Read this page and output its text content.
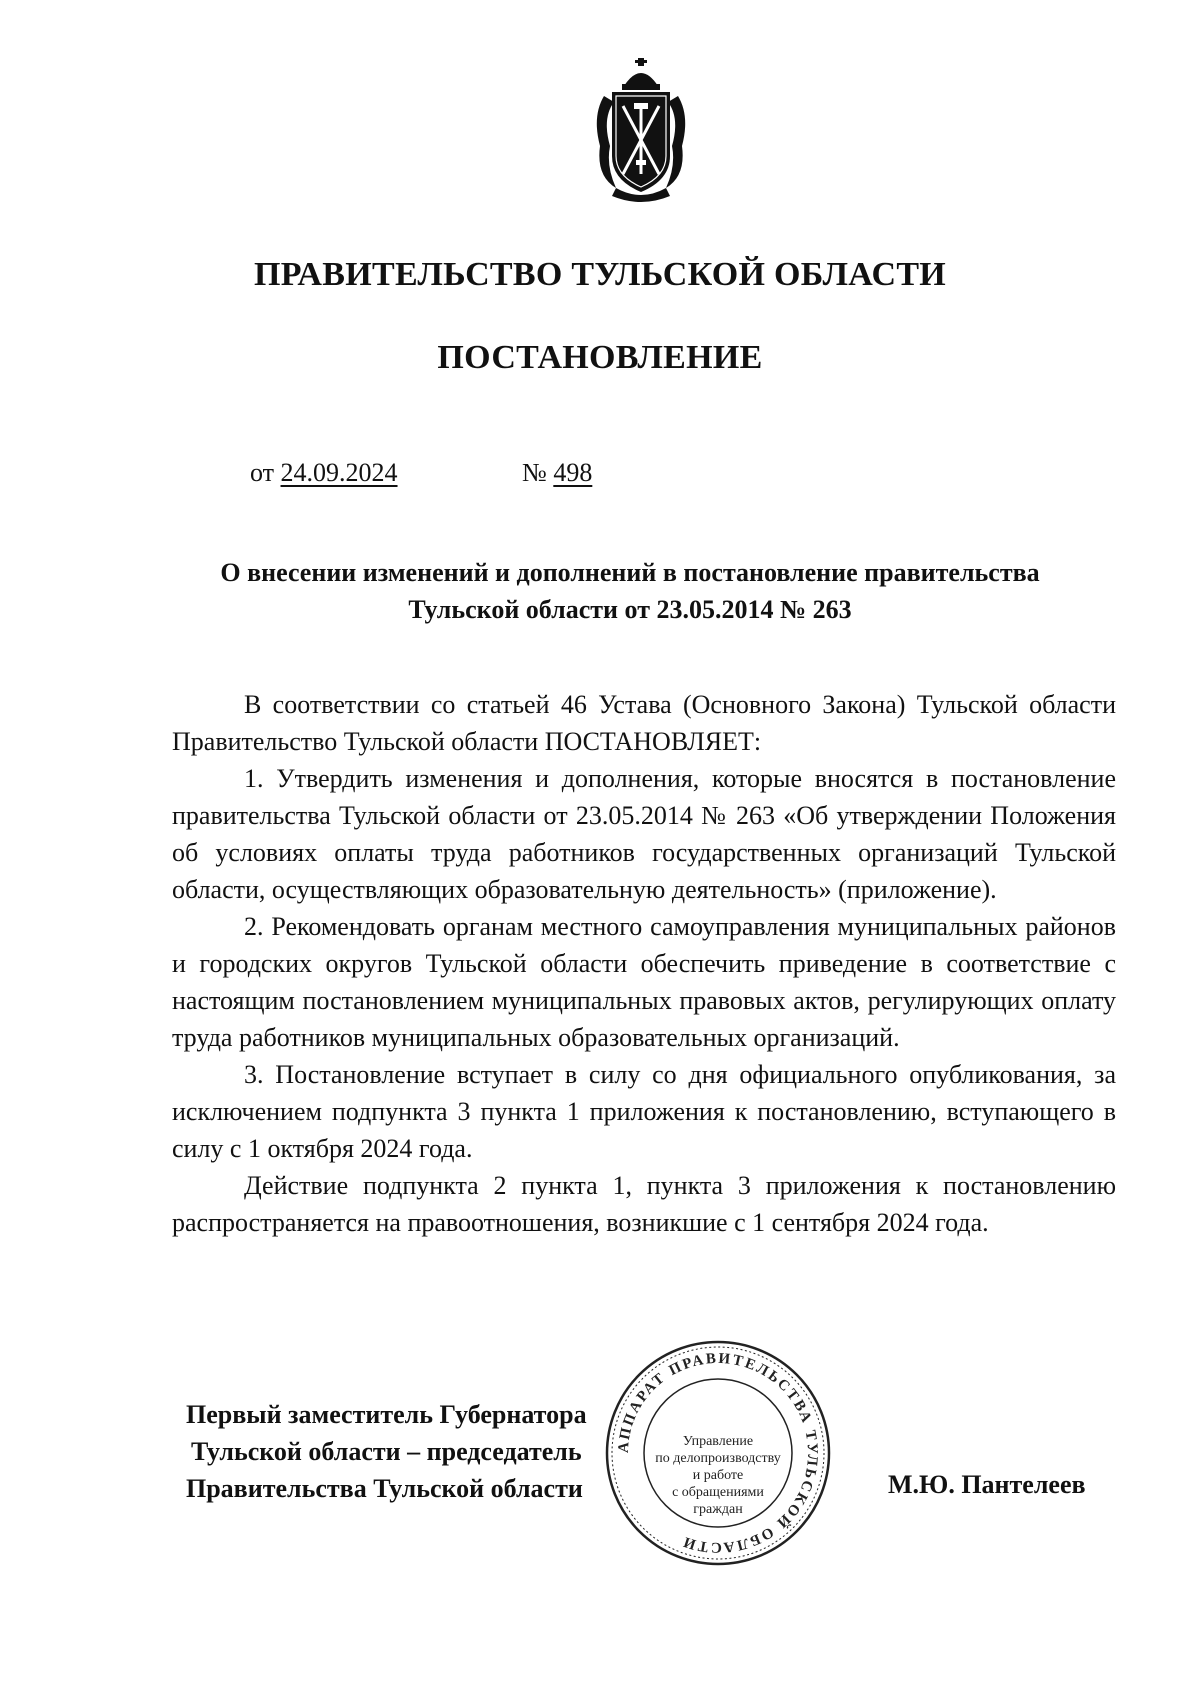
ПРАВИТЕЛЬСТВО ТУЛЬСКОЙ ОБЛАСТИ
ПОСТАНОВЛЕНИЕ
от 24.09.2024	№ 498
О внесении изменений и дополнений в постановление правительства
Тульской области от 23.05.2014 № 263

В соответствии со статьей 46 Устава (Основного Закона) Тульской области Правительство Тульской области ПОСТАНОВЛЯЕТ:

1. Утвердить изменения и дополнения, которые вносятся в постановление правительства Тульской области от 23.05.2014 № 263 «Об утверждении Положения об условиях оплаты труда работников государственных организаций Тульской области, осуществляющих образовательную деятельность» (приложение).

2. Рекомендовать органам местного самоуправления муниципальных районов и городских округов Тульской области обеспечить приведение в соответствие с настоящим постановлением муниципальных правовых актов, регулирующих оплату труда работников муниципальных образовательных организаций.

3. Постановление вступает в силу со дня официального опубликования, за исключением подпункта 3 пункта 1 приложения к постановлению, вступающего в силу с 1 октября 2024 года.

Действие подпункта 2 пункта 1, пункта 3 приложения к постановлению распространяется на правоотношения, возникшие с 1 сентября 2024 года.

Первый заместитель Губернатора
Тульской области – председатель
Правительства Тульской области	М.Ю. Пантелеев
АППАРАТ ПРАВИТЕЛЬСТВА ТУЛЬСКОЙ ОБЛАСТИ
Управление
по делопроизводству
и работе
с обращениями
граждан
